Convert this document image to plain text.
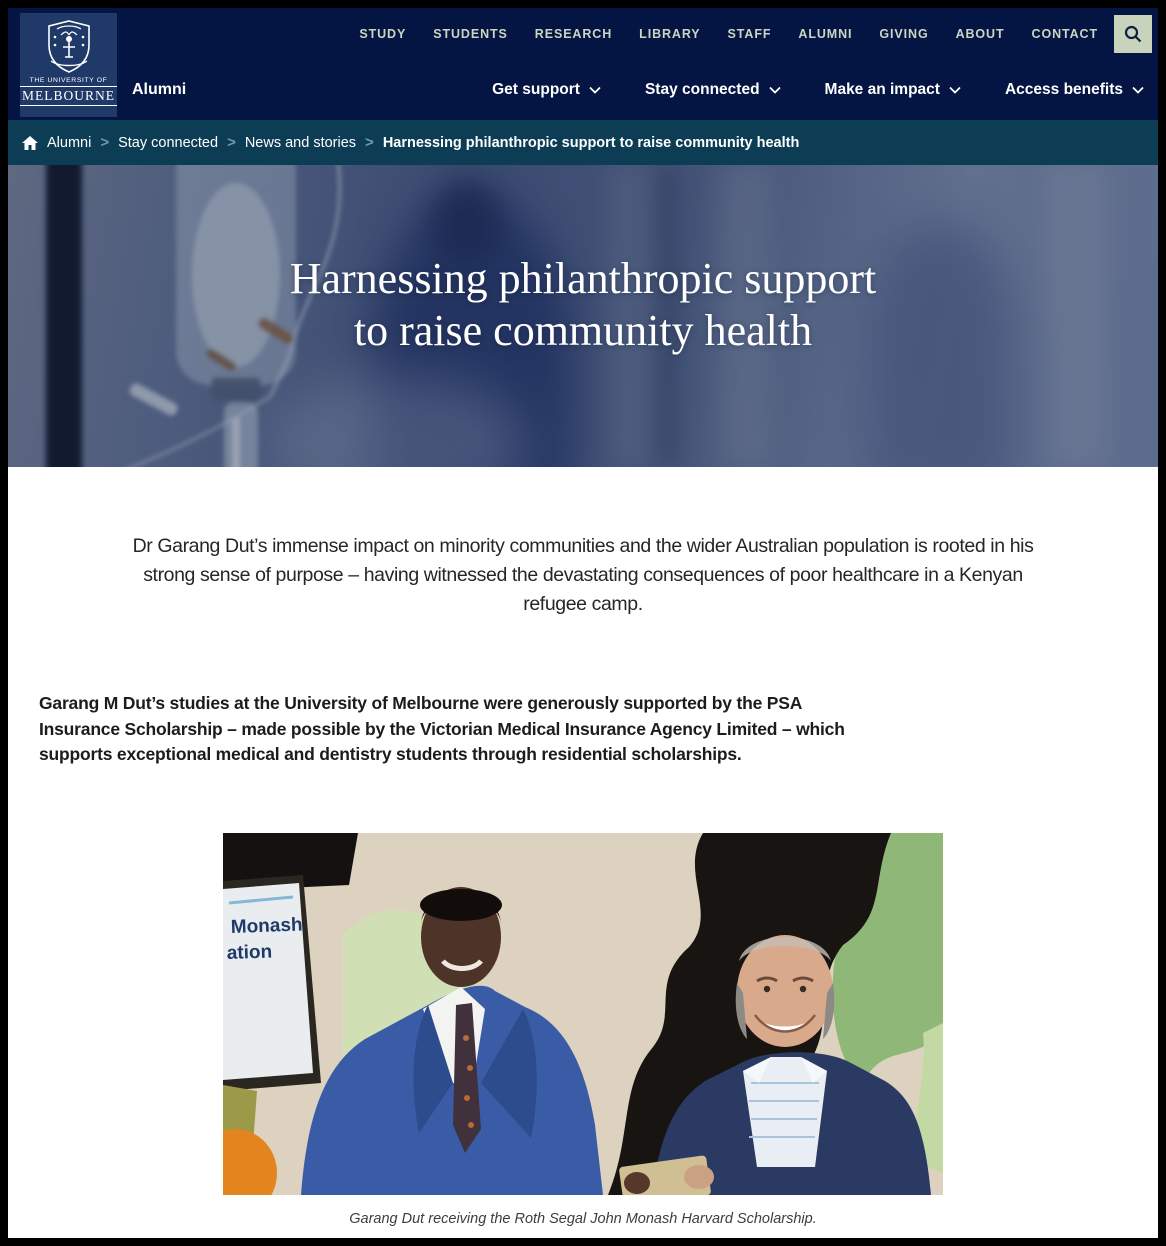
THE UNIVERSITY OF
MELBOURNE
STUDY STUDENTS RESEARCH LIBRARY STAFF ALUMNI GIVING ABOUT CONTACT
Alumni	Get support	Stay connected	Make an impact	Access benefits
Alumni > Stay connected > News and stories > Harnessing philanthropic support to raise community health
Harnessing philanthropic support
to raise community health

Dr Garang Dut’s immense impact on minority communities and the wider Australian population is rooted in his strong sense of purpose – having witnessed the devastating consequences of poor healthcare in a Kenyan refugee camp.

Garang M Dut’s studies at the University of Melbourne were generously supported by the PSA Insurance Scholarship – made possible by the Victorian Medical Insurance Agency Limited – which supports exceptional medical and dentistry students through residential scholarships.

Monash
ation
Garang Dut receiving the Roth Segal John Monash Harvard Scholarship.
